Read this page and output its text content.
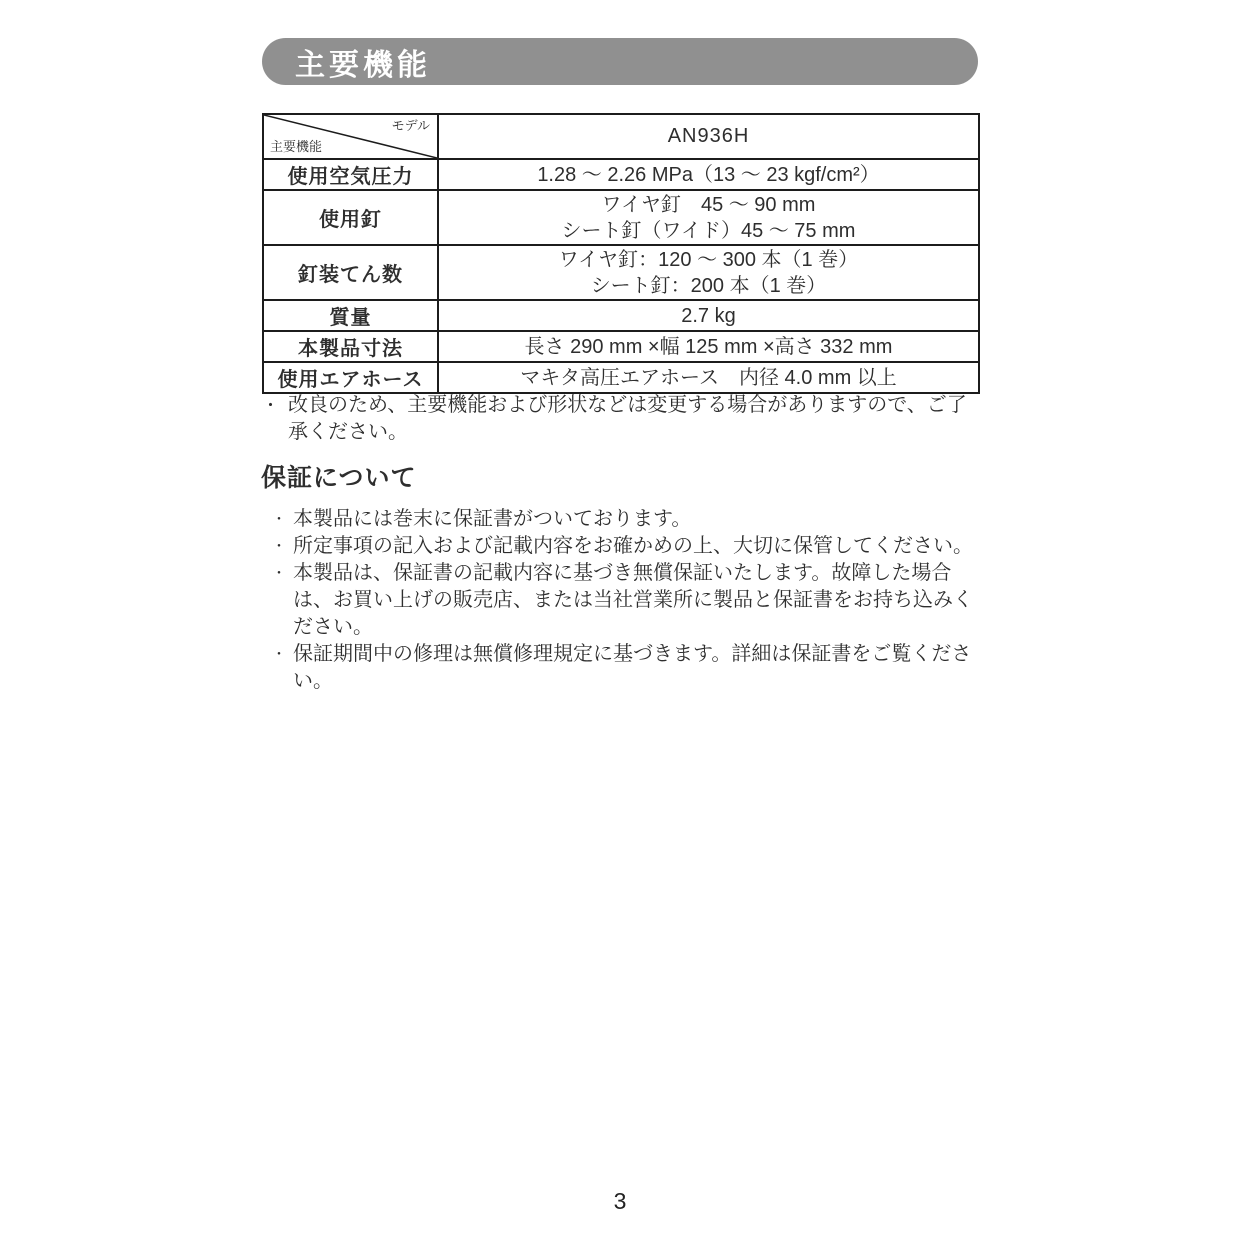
主要機能
モデル
主要機能	AN936H
使用空気圧力	1.28 ～ 2.26 MPa（13 ～ 23 kgf/cm²）

使用釘	ワイヤ釘　45 ～ 90 mm
シート釘（ワイド）45 ～ 75 mm

釘装てん数	ワイヤ釘：120 ～ 300 本（1 巻）
シート釘：200 本（1 巻）

質量	2.7 kg

本製品寸法	長さ 290 mm ×幅 125 mm ×高さ 332 mm

使用エアホース	マキタ高圧エアホース　内径 4.0 mm 以上
・ 改良のため、主要機能および形状などは変更する場合がありますので、ご了承ください。
保証について
・ 本製品には巻末に保証書がついております。
・ 所定事項の記入および記載内容をお確かめの上、大切に保管してください。
・ 本製品は、保証書の記載内容に基づき無償保証いたします。故障した場合は、お買い上げの販売店、または当社営業所に製品と保証書をお持ち込みください。
・ 保証期間中の修理は無償修理規定に基づきます。詳細は保証書をご覧ください。
3
